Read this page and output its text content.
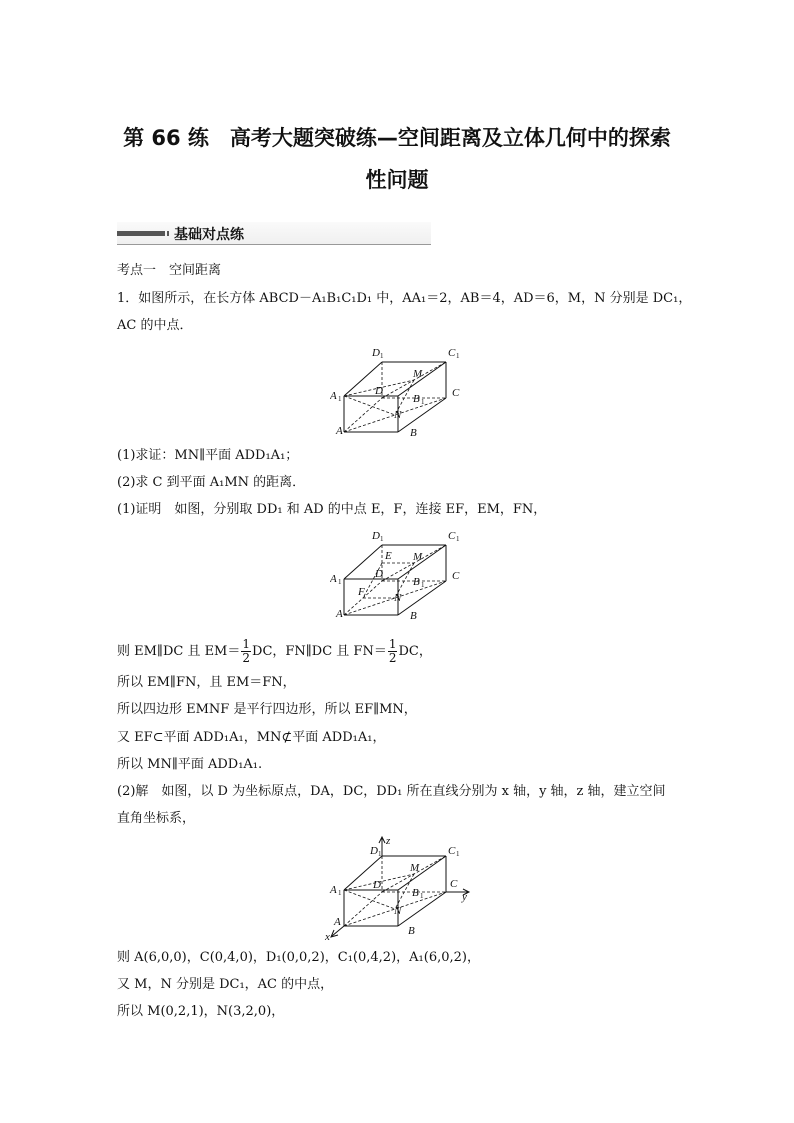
第 66 练　高考大题突破练—空间距离及立体几何中的探索
性问题
基础对点练
考点一　空间距离
1．如图所示，在长方体 ABCD－A₁B₁C₁D₁ 中，AA₁＝2，AB＝4，AD＝6，M，N 分别是 DC₁，
AC 的中点．
D 1	C 1
A 1	C
D
M
B 1
N
A	B
(1)求证：MN∥平面 ADD₁A₁；
(2)求 C 到平面 A₁MN 的距离．
(1)证明　如图，分别取 DD₁ 和 AD 的中点 E，F，连接 EF，EM，FN，
D 1	C 1
A 1	C
E
D
M
B 1
F	N
A	B
则 EM∥DC 且 $EM= \frac{1}{2}$ DC，FN∥DC 且 $FN= \frac{1}{2}$ DC，
所以 EM∥FN，且 EM＝FN，
所以四边形 EMNF 是平行四边形，所以 EF∥MN，
又 EF⊂平面 ADD₁A₁，MN⊄平面 ADD₁A₁，
所以 MN∥平面 ADD₁A₁.
(2)解　如图，以 D 为坐标原点，DA，DC，DD₁ 所在直线分别为 x 轴，y 轴，z 轴，建立空间
直角坐标系，
z
D 1	C 1
A 1
C
y
D
M
B 1
N
A
x	B
则 A(6,0,0)，C(0,4,0)，D₁(0,0,2)，C₁(0,4,2)，A₁(6,0,2)，
又 M，N 分别是 DC₁，AC 的中点，
所以 M(0,2,1)，N(3,2,0)，
